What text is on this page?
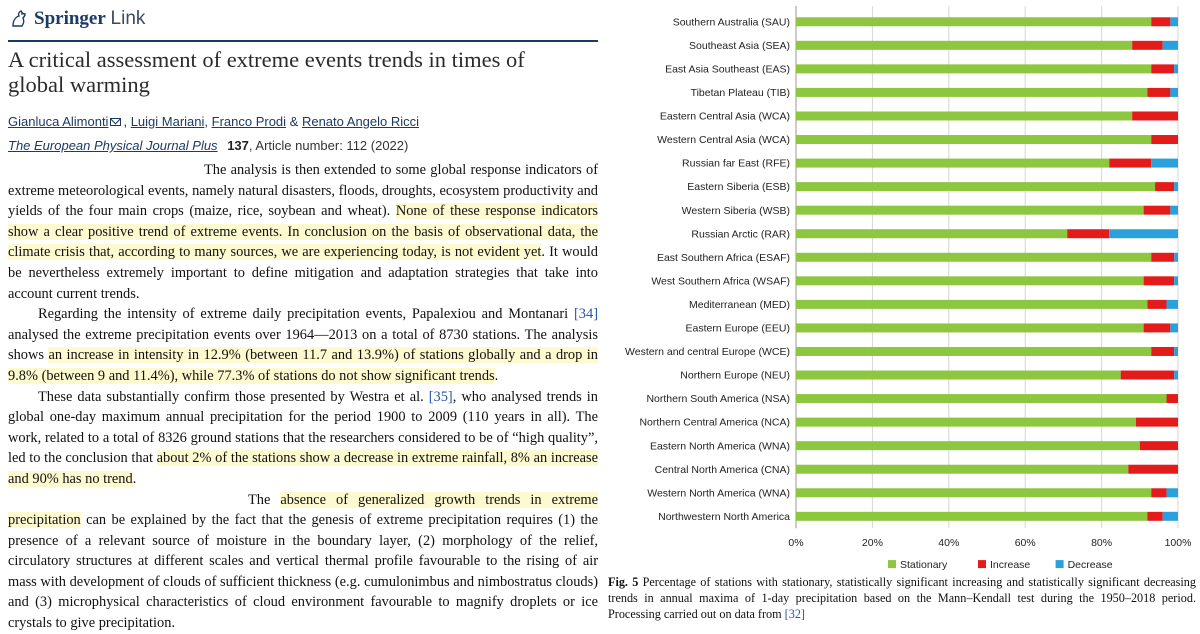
Springer Link
A critical assessment of extreme events trends in times of global warming
Gianluca Alimonti , Luigi Mariani, Franco Prodi & Renato Angelo Ricci
The European Physical Journal Plus 137, Article number: 112 (2022)

The analysis is then extended to some global response indicators of extreme meteorological events, namely natural disasters, floods, droughts, ecosystem productivity and yields of the four main crops (maize, rice, soybean and wheat). None of these response indicators show a clear positive trend of extreme events. In conclusion on the basis of observational data, the climate crisis that, according to many sources, we are experiencing today, is not evident yet. It would be nevertheless extremely important to define mitigation and adaptation strategies that take into account current trends.

Regarding the intensity of extreme daily precipitation events, Papalexiou and Montanari [34] analysed the extreme precipitation events over 1964—2013 on a total of 8730 stations. The analysis shows an increase in intensity in 12.9% (between 11.7 and 13.9%) of stations globally and a drop in 9.8% (between 9 and 11.4%), while 77.3% of stations do not show significant trends.

These data substantially confirm those presented by Westra et al. [35], who analysed trends in global one-day maximum annual precipitation for the period 1900 to 2009 (110 years in all). The work, related to a total of 8326 ground stations that the researchers considered to be of “high quality”, led to the conclusion that about 2% of the stations show a decrease in extreme rainfall, 8% an increase and 90% has no trend.

The absence of generalized growth trends in extreme precipitation can be explained by the fact that the genesis of extreme precipitation requires (1) the presence of a relevant source of moisture in the boundary layer, (2) morphology of the relief, circulatory structures at different scales and vertical thermal profile favourable to the rising of air mass with development of clouds of sufficient thickness (e.g. cumulonimbus and nimbostratus clouds) and (3) microphysical characteristics of cloud environment favourable to magnify droplets or ice crystals to give precipitation.

Southern Australia (SAU)
Southeast Asia (SEA)
East Asia Southeast (EAS)
Tibetan Plateau (TIB)
Eastern Central Asia (WCA)
Western Central Asia (WCA)
Russian far East (RFE)
Eastern Siberia (ESB)
Western Siberia (WSB)
Russian Arctic (RAR)
East Southern Africa (ESAF)
West Southern Africa (WSAF)
Mediterranean (MED)
Eastern Europe (EEU)
Western and central Europe (WCE)
Northern Europe (NEU)
Northern South America (NSA)
Northern Central America (NCA)
Eastern North America (WNA)
Central North America (CNA)
Western North America (WNA)
Northwestern North America
0%	20%	40%	60%	80%	100%
Stationary	Increase	Decrease

Fig. 5 Percentage of stations with stationary, statistically significant increasing and statistically significant decreasing trends in annual maxima of 1-day precipitation based on the Mann–Kendall test during the 1950–2018 period. Processing carried out on data from [32]
